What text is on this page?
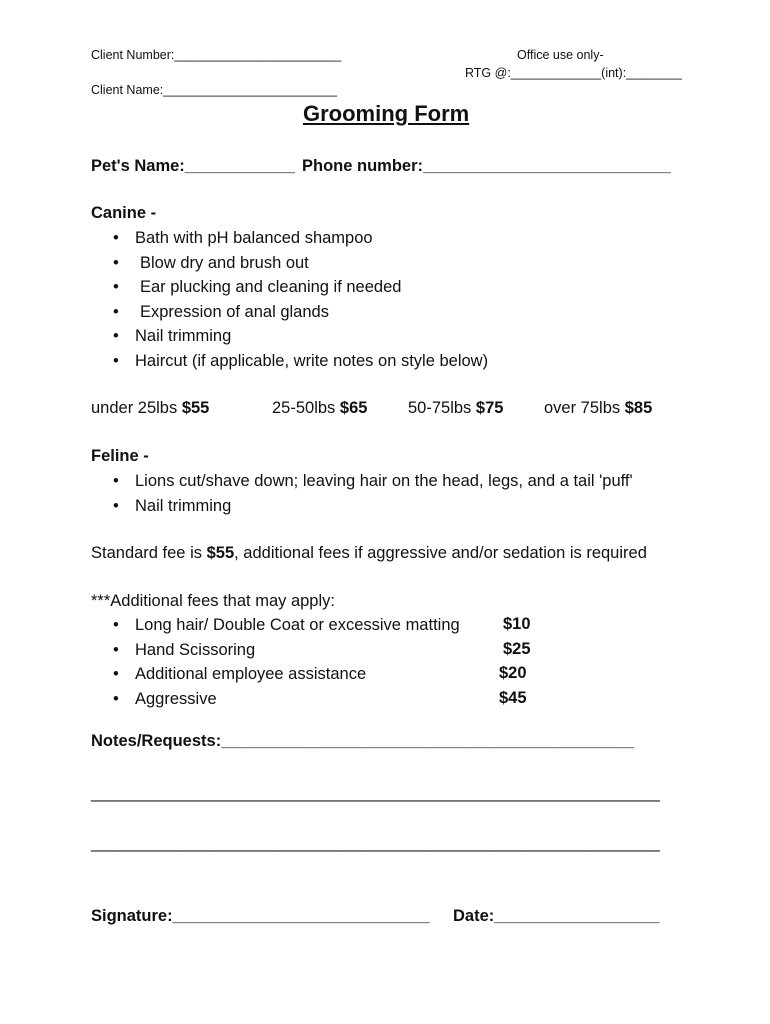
Client Number:________________________	Office use only-
RTG @:_____________(int):________
Client Name:_________________________
Grooming Form
Pet's Name:____________ Phone number:___________________________
Canine -
• Bath with pH balanced shampoo
• Blow dry and brush out
• Ear plucking and cleaning if needed
• Expression of anal glands
• Nail trimming
• Haircut (if applicable, write notes on style below)
under 25lbs $55	25-50lbs $65 50-75lbs $75 over 75lbs $85
Feline -
• Lions cut/shave down; leaving hair on the head, legs, and a tail 'puff'
• Nail trimming
Standard fee is $55, additional fees if aggressive and/or sedation is required
***Additional fees that may apply:
• Long hair/ Double Coat or excessive matting
• Hand Scissoring
• Additional employee assistance
• Aggressive
$10
$25
$20
$45
Notes/Requests:_____________________________________________
______________________________________________________________
______________________________________________________________
Signature:____________________________ Date:__________________
